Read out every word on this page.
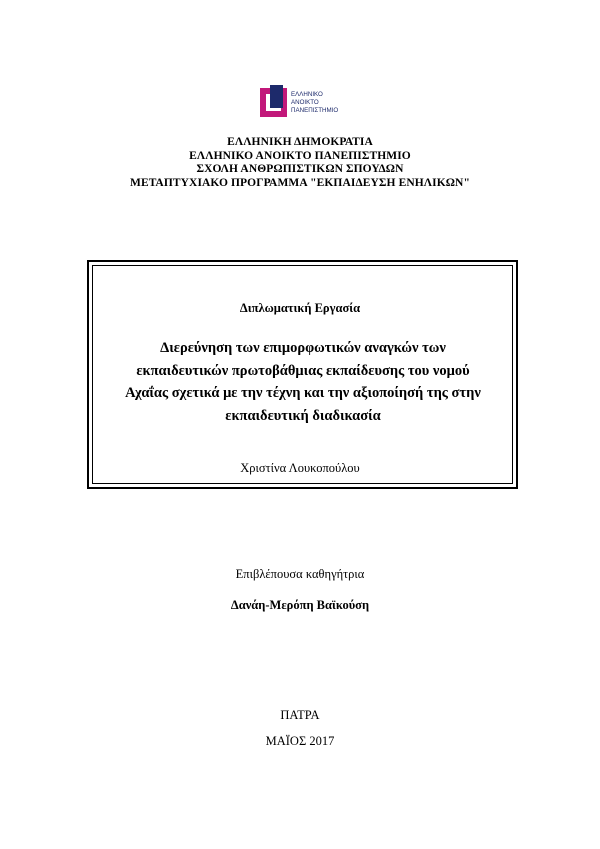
ΕΛΛΗΝΙΚΟ
ΑΝΟΙΚΤΟ
ΠΑΝΕΠΙΣΤΗΜΙΟ
ΕΛΛΗΝΙΚΗ ΔΗΜΟΚΡΑΤΙΑ
ΕΛΛΗΝΙΚΟ ΑΝΟΙΚΤΟ ΠΑΝΕΠΙΣΤΗΜΙΟ
ΣΧΟΛΗ ΑΝΘΡΩΠΙΣΤΙΚΩΝ ΣΠΟΥΔΩΝ
ΜΕΤΑΠΤΥΧΙΑΚΟ ΠΡΟΓΡΑΜΜΑ "ΕΚΠΑΙΔΕΥΣΗ ΕΝΗΛΙΚΩΝ"
Διπλωματική Εργασία
Διερεύνηση των επιμορφωτικών αναγκών των
εκπαιδευτικών πρωτοβάθμιας εκπαίδευσης του νομού
Αχαΐας σχετικά με την τέχνη και την αξιοποίησή της στην
εκπαιδευτική διαδικασία
Χριστίνα Λουκοπούλου
Επιβλέπουσα καθηγήτρια
Δανάη-Μερόπη Βαϊκούση
ΠΑΤΡΑ
ΜΑΪΟΣ 2017
